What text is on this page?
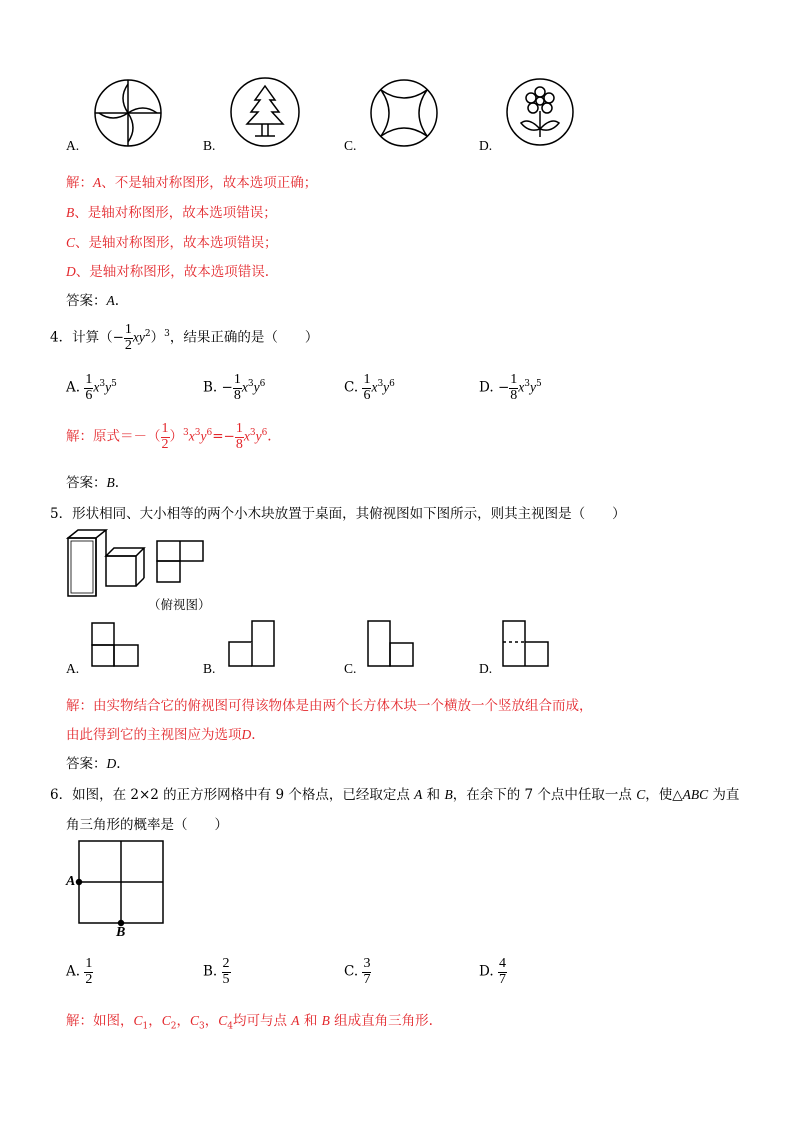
A.	B.	C.	D.
解：A、不是轴对称图形，故本选项正确；
B、是轴对称图形，故本选项错误；
C、是轴对称图形，故本选项错误；
D、是轴对称图形，故本选项错误.
答案：A.
4．计算（− $\frac{1}{2} xy^2)^3$，结果正确的是（　　）
A. $\frac{1}{6} x^3y^5$	B. − $\frac{1}{8} x^3y^6$	C. $\frac{1}{6} x^3y^6$	D. − $\frac{1}{8} x^3y^5$
解：原式＝－（ $\frac{1}{2} )^3x^3y^6=- \frac{1}{8} x^3y^6$.
答案：B.
5．形状相同、大小相等的两个小木块放置于桌面，其俯视图如下图所示，则其主视图是（　　）
（俯视图）
A.	B.	C.	D.
解：由实物结合它的俯视图可得该物体是由两个长方体木块一个横放一个竖放组合而成，
由此得到它的主视图应为选项D.
答案：D.
6．如图，在 2×2 的正方形网格中有 9 个格点，已经取定点 A 和 B，在余下的 7 个点中任取一点 C，使△ABC 为直
角三角形的概率是（　　）
A
B
A. $\frac{1}{2}$	B. $\frac{2}{5}$	C. $\frac{3}{7}$	D. $\frac{4}{7}$
解：如图，$C_1$，$C_2$，$C_3$，$C_4$均可与点 A 和 B 组成直角三角形.
